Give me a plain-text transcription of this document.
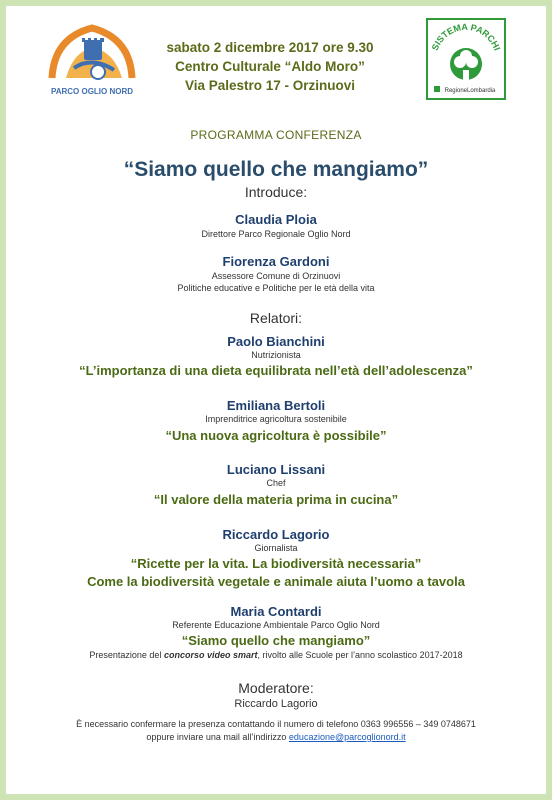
PARCO OGLIO NORD
sabato 2 dicembre 2017 ore 9.30
Centro Culturale “Aldo Moro”
Via Palestro 17 - Orzinuovi
SISTEMA PARCHI
RegioneLombardia
PROGRAMMA CONFERENZA
“Siamo quello che mangiamo”
Introduce:
Claudia Ploia
Direttore Parco Regionale Oglio Nord
Fiorenza Gardoni
Assessore Comune di Orzinuovi
Politiche educative e Politiche per le età della vita
Relatori:
Paolo Bianchini
Nutrizionista
“L’importanza di una dieta equilibrata nell’età dell’adolescenza”
Emiliana Bertoli
Imprenditrice agricoltura sostenibile
“Una nuova agricoltura è possibile”
Luciano Lissani
Chef
“Il valore della materia prima in cucina”
Riccardo Lagorio
Giornalista
“Ricette per la vita. La biodiversità necessaria”
Come la biodiversità vegetale e animale aiuta l’uomo a tavola
Maria Contardi
Referente Educazione Ambientale Parco Oglio Nord
“Siamo quello che mangiamo”
Presentazione del concorso video smart, rivolto alle Scuole per l’anno scolastico 2017-2018
Moderatore:
Riccardo Lagorio
È necessario confermare la presenza contattando il numero di telefono 0363 996556 – 349 0748671
oppure inviare una mail all’indirizzo educazione@parcoglionord.it
